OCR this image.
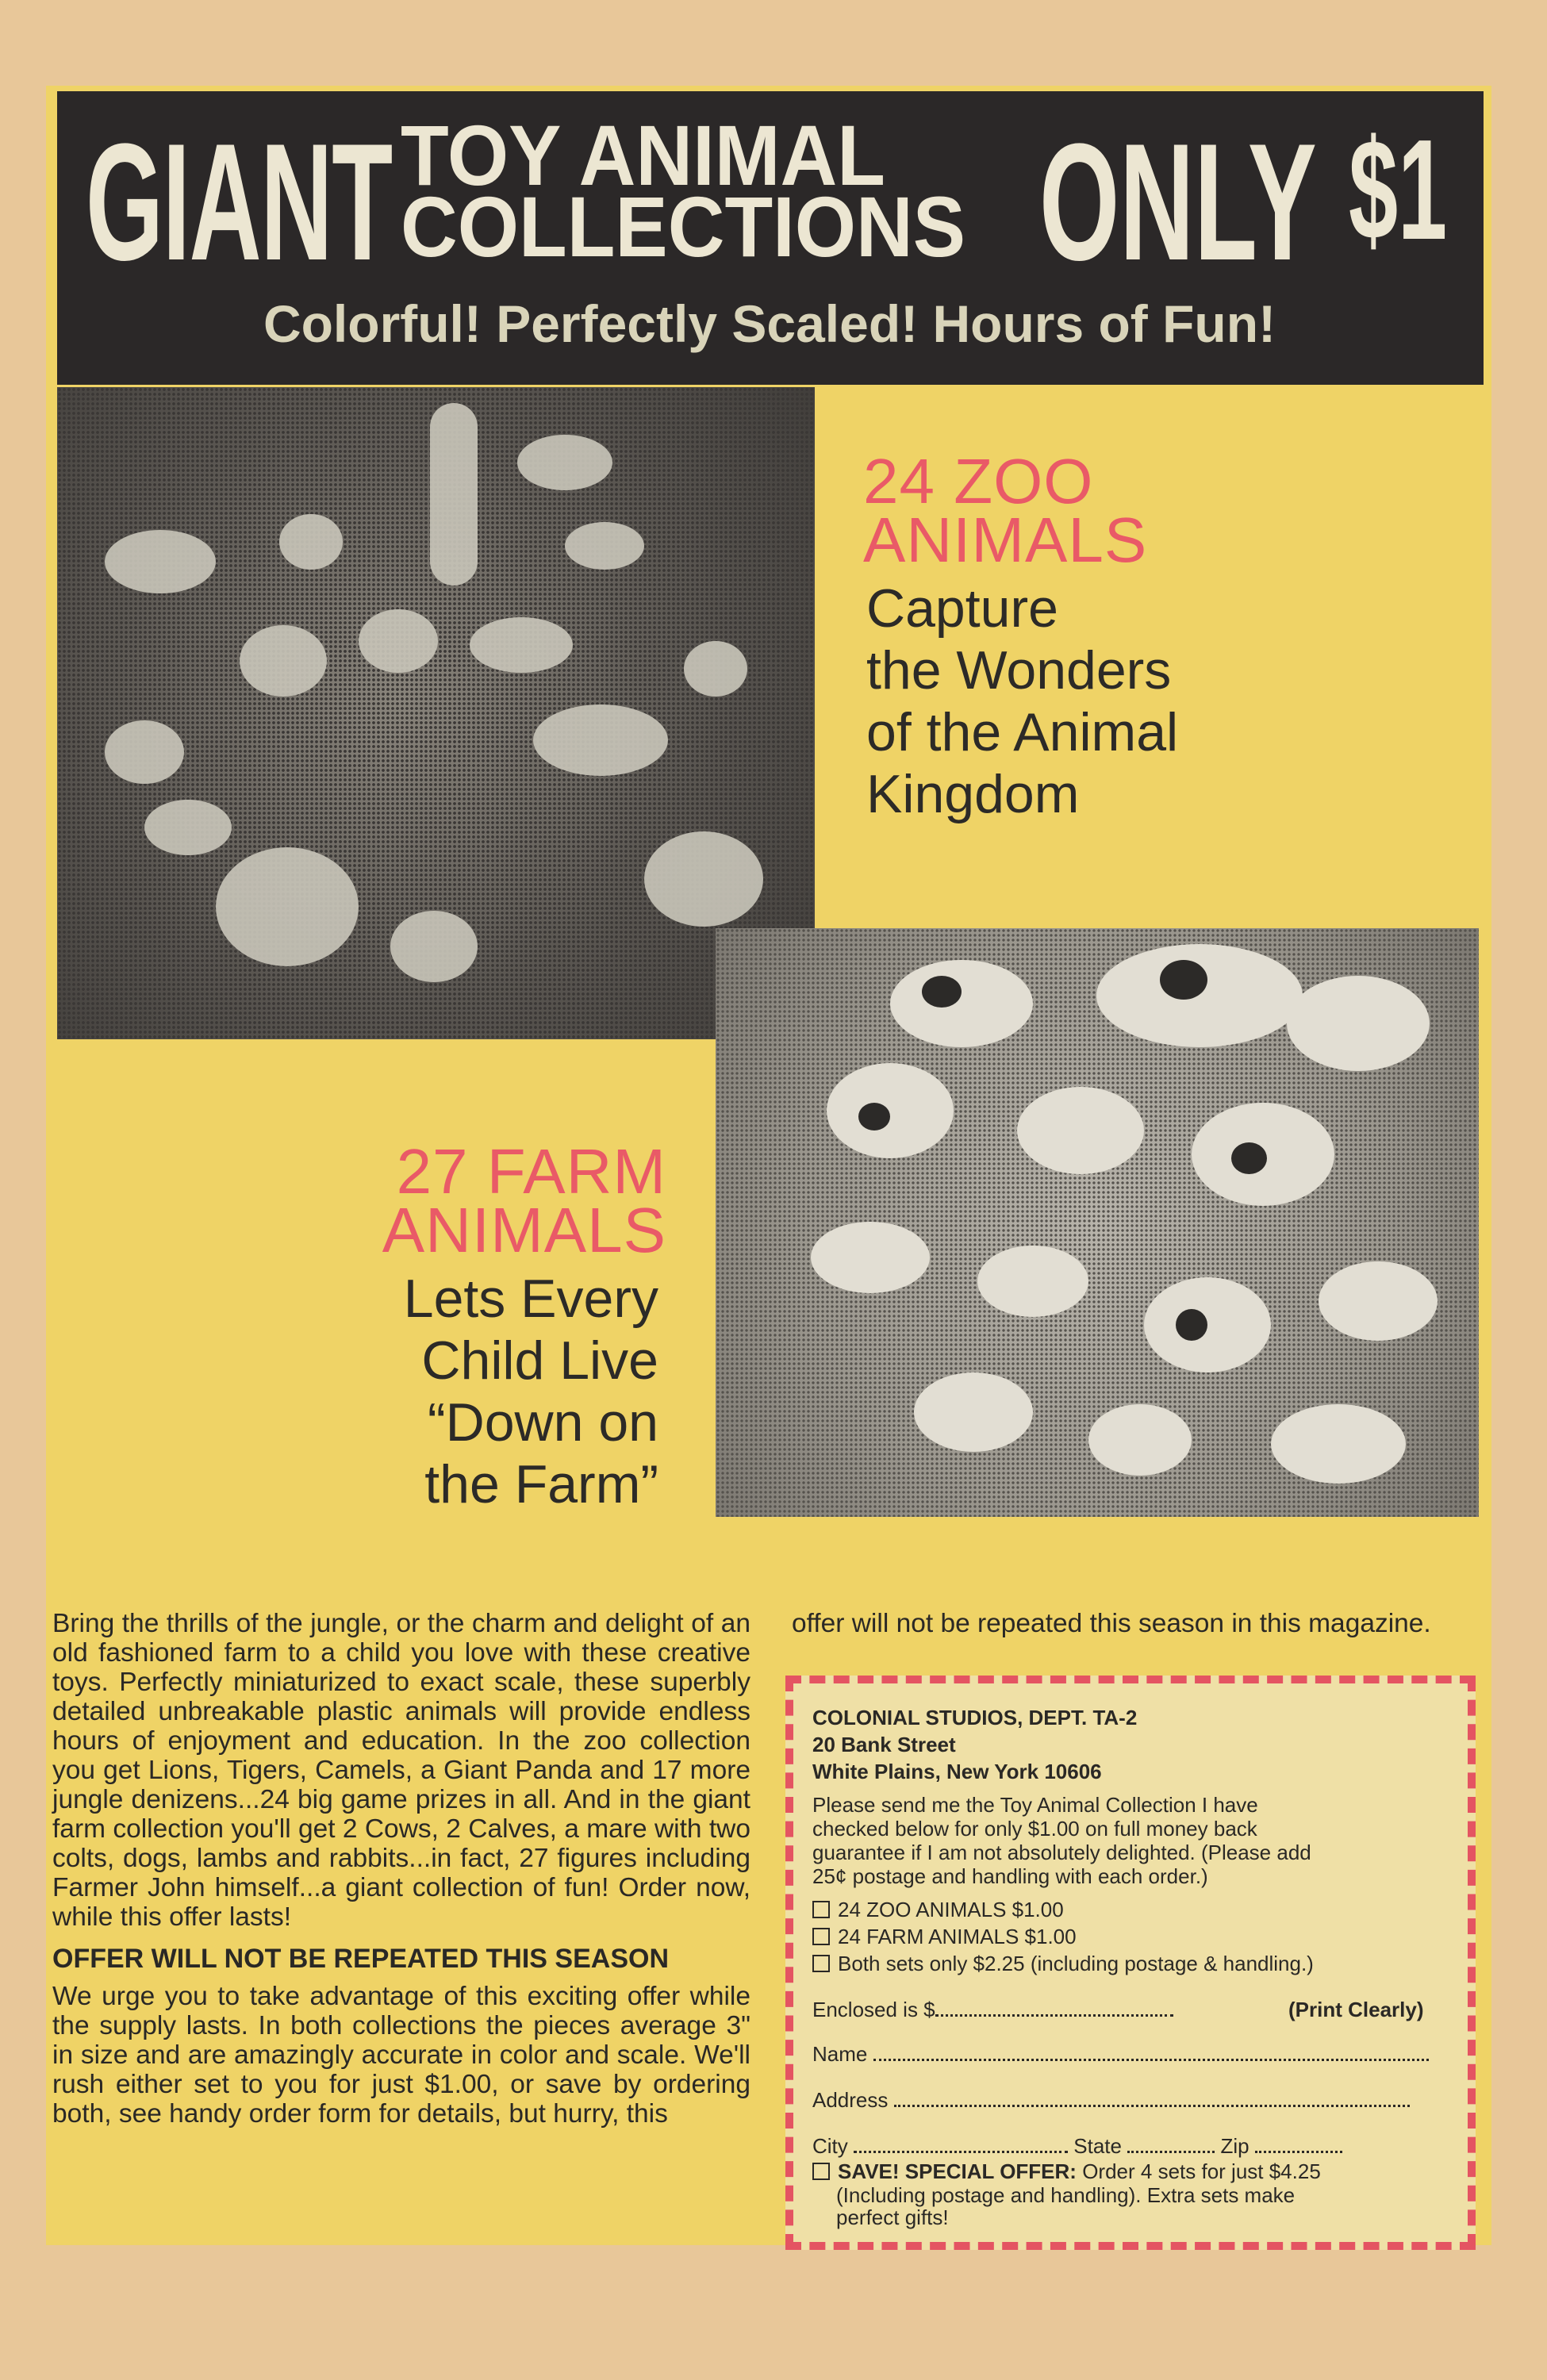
GIANT TOY ANIMAL
COLLECTIONS ONLY $1
Colorful! Perfectly Scaled! Hours of Fun!
24 ZOO
ANIMALS
Capture
the Wonders
of the Animal
Kingdom
27 FARM
ANIMALS
Lets Every
Child Live
“Down on
the Farm”

Bring the thrills of the jungle, or the charm and delight of an old fashioned farm to a child you love with these creative toys. Perfectly miniaturized to exact scale, these superbly detailed unbreakable plastic animals will provide endless hours of enjoyment and education. In the zoo collection you get Lions, Tigers, Camels, a Giant Panda and 17 more jungle denizens...24 big game prizes in all. And in the giant farm collection you'll get 2 Cows, 2 Calves, a mare with two colts, dogs, lambs and rabbits...in fact, 27 figures including Farmer John himself...a giant collection of fun! Order now, while this offer lasts!

OFFER WILL NOT BE REPEATED THIS SEASON

We urge you to take advantage of this exciting offer while the supply lasts. In both collections the pieces average 3" in size and are amazingly accurate in color and scale. We'll rush either set to you for just $1.00, or save by ordering both, see handy order form for details, but hurry, this

offer will not be repeated this season in this magazine.
COLONIAL STUDIOS, DEPT. TA-2
20 Bank Street
White Plains, New York 10606
Please send me the Toy Animal Collection I have
checked below for only $1.00 on full money back
guarantee if I am not absolutely delighted. (Please add
25¢ postage and handling with each order.)
24 ZOO ANIMALS $1.00
24 FARM ANIMALS $1.00
Both sets only $2.25 (including postage & handling.)
Enclosed is $	(Print Clearly)
Name
Address
City	State	Zip
SAVE! SPECIAL OFFER: Order 4 sets for just $4.25
(Including postage and handling). Extra sets make
perfect gifts!
